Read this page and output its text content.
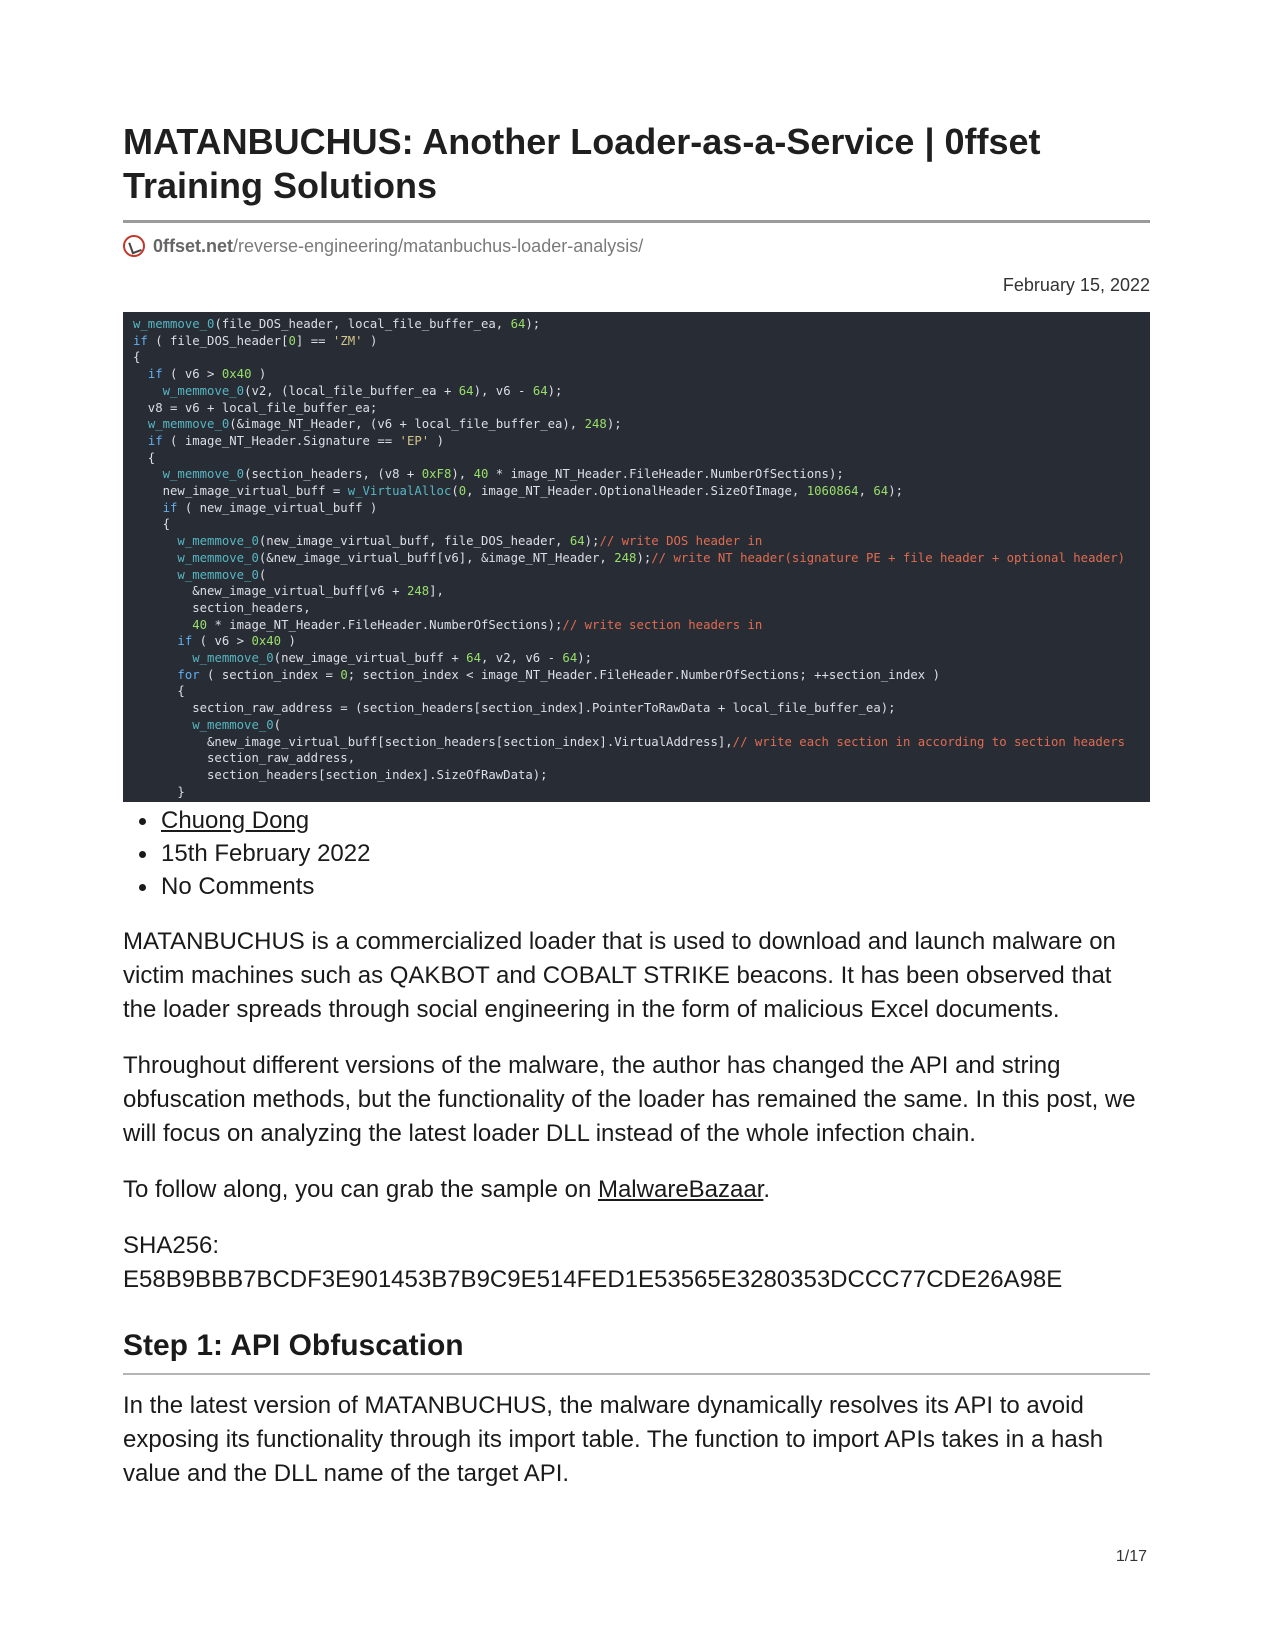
MATANBUCHUS: Another Loader-as-a-Service | 0ffset Training Solutions
0ffset.net /reverse-engineering/matanbuchus-loader-analysis/
February 15, 2022
w_memmove_0(file_DOS_header, local_file_buffer_ea, 64);
if ( file_DOS_header[0] == 'ZM' )
{
if ( v6 > 0x40 )
w_memmove_0(v2, (local_file_buffer_ea + 64), v6 - 64);
v8 = v6 + local_file_buffer_ea;
w_memmove_0(&image_NT_Header, (v6 + local_file_buffer_ea), 248);
if ( image_NT_Header.Signature == 'EP' )
{
w_memmove_0(section_headers, (v8 + 0xF8), 40 * image_NT_Header.FileHeader.NumberOfSections);
new_image_virtual_buff = w_VirtualAlloc(0, image_NT_Header.OptionalHeader.SizeOfImage, 1060864, 64);
if ( new_image_virtual_buff )
{
w_memmove_0(new_image_virtual_buff, file_DOS_header, 64);// write DOS header in
w_memmove_0(&new_image_virtual_buff[v6], &image_NT_Header, 248);// write NT header(signature PE + file header + optional header)
w_memmove_0(
&new_image_virtual_buff[v6 + 248],
section_headers,
40 * image_NT_Header.FileHeader.NumberOfSections);// write section headers in
if ( v6 > 0x40 )
w_memmove_0(new_image_virtual_buff + 64, v2, v6 - 64);
for ( section_index = 0; section_index < image_NT_Header.FileHeader.NumberOfSections; ++section_index )
{
section_raw_address = (section_headers[section_index].PointerToRawData + local_file_buffer_ea);
w_memmove_0(
&new_image_virtual_buff[section_headers[section_index].VirtualAddress],// write each section in according to section headers
section_raw_address,
section_headers[section_index].SizeOfRawData);
}
Chuong Dong
15th February 2022
No Comments

MATANBUCHUS is a commercialized loader that is used to download and launch malware on victim machines such as QAKBOT and COBALT STRIKE beacons. It has been observed that the loader spreads through social engineering in the form of malicious Excel documents.

Throughout different versions of the malware, the author has changed the API and string obfuscation methods, but the functionality of the loader has remained the same. In this post, we will focus on analyzing the latest loader DLL instead of the whole infection chain.

To follow along, you can grab the sample on MalwareBazaar.

SHA256:
E58B9BBB7BCDF3E901453B7B9C9E514FED1E53565E3280353DCCC77CDE26A98E

Step 1: API Obfuscation

In the latest version of MATANBUCHUS, the malware dynamically resolves its API to avoid exposing its functionality through its import table. The function to import APIs takes in a hash value and the DLL name of the target API.

1/17
